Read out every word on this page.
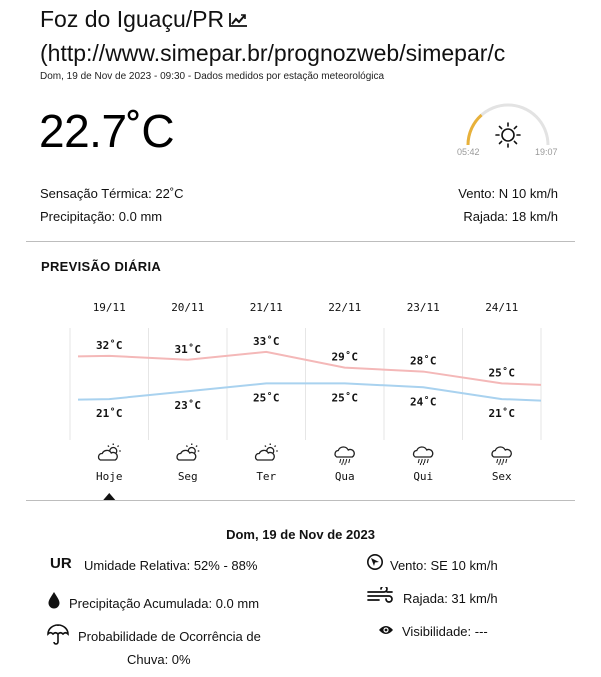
Foz do Iguaçu/PR
(http://www.simepar.br/prognozweb/simepar/c
Dom, 19 de Nov de 2023 - 09:30 - Dados medidos por estação meteorológica
22.7˚C	05:42	19:07
Sensação Térmica: 22˚C
Precipitação: 0.0 mm
Vento: N 10 km/h
Rajada: 18 km/h
PREVISÃO DIÁRIA
19/11
32˚C
21˚C
Hoje
20/11
31˚C
23˚C
Seg
21/11
33˚C
25˚C
Ter
22/11
29˚C
25˚C
Qua
23/11
28˚C
24˚C
Qui
24/11
25˚C
21˚C
Sex
Dom, 19 de Nov de 2023
UR Umidade Relativa: 52% - 88%
Precipitação Acumulada: 0.0 mm
Probabilidade de Ocorrência de
Chuva: 0%
Vento: SE 10 km/h
Rajada: 31 km/h
Visibilidade: ---
